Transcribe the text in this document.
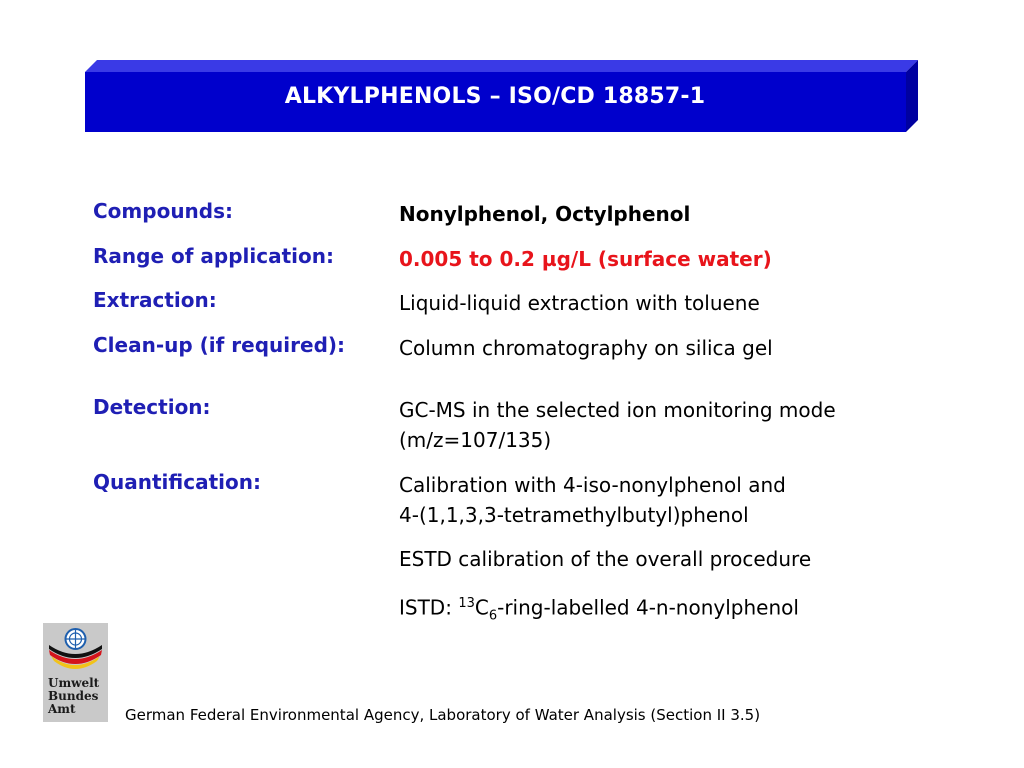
ALKYLPHENOLS – ISO/CD 18857-1
Compounds:	Nonylphenol, Octylphenol
Range of application:	0.005 to 0.2 µg/L (surface water)
Extraction:	Liquid-liquid extraction with toluene
Clean-up (if required):	Column chromatography on silica gel
Detection:	GC-MS in the selected ion monitoring mode
(m/z=107/135)
Quantification:	Calibration with 4-iso-nonylphenol and
4-(1,1,3,3-tetramethylbutyl)phenol
ESTD calibration of the overall procedure
ISTD: $^{13}C_6-ring$-labelled 4-n-nonylphenol
Umwelt
Bundes
Amt	German Federal Environmental Agency, Laboratory of Water Analysis (Section II 3.5)
